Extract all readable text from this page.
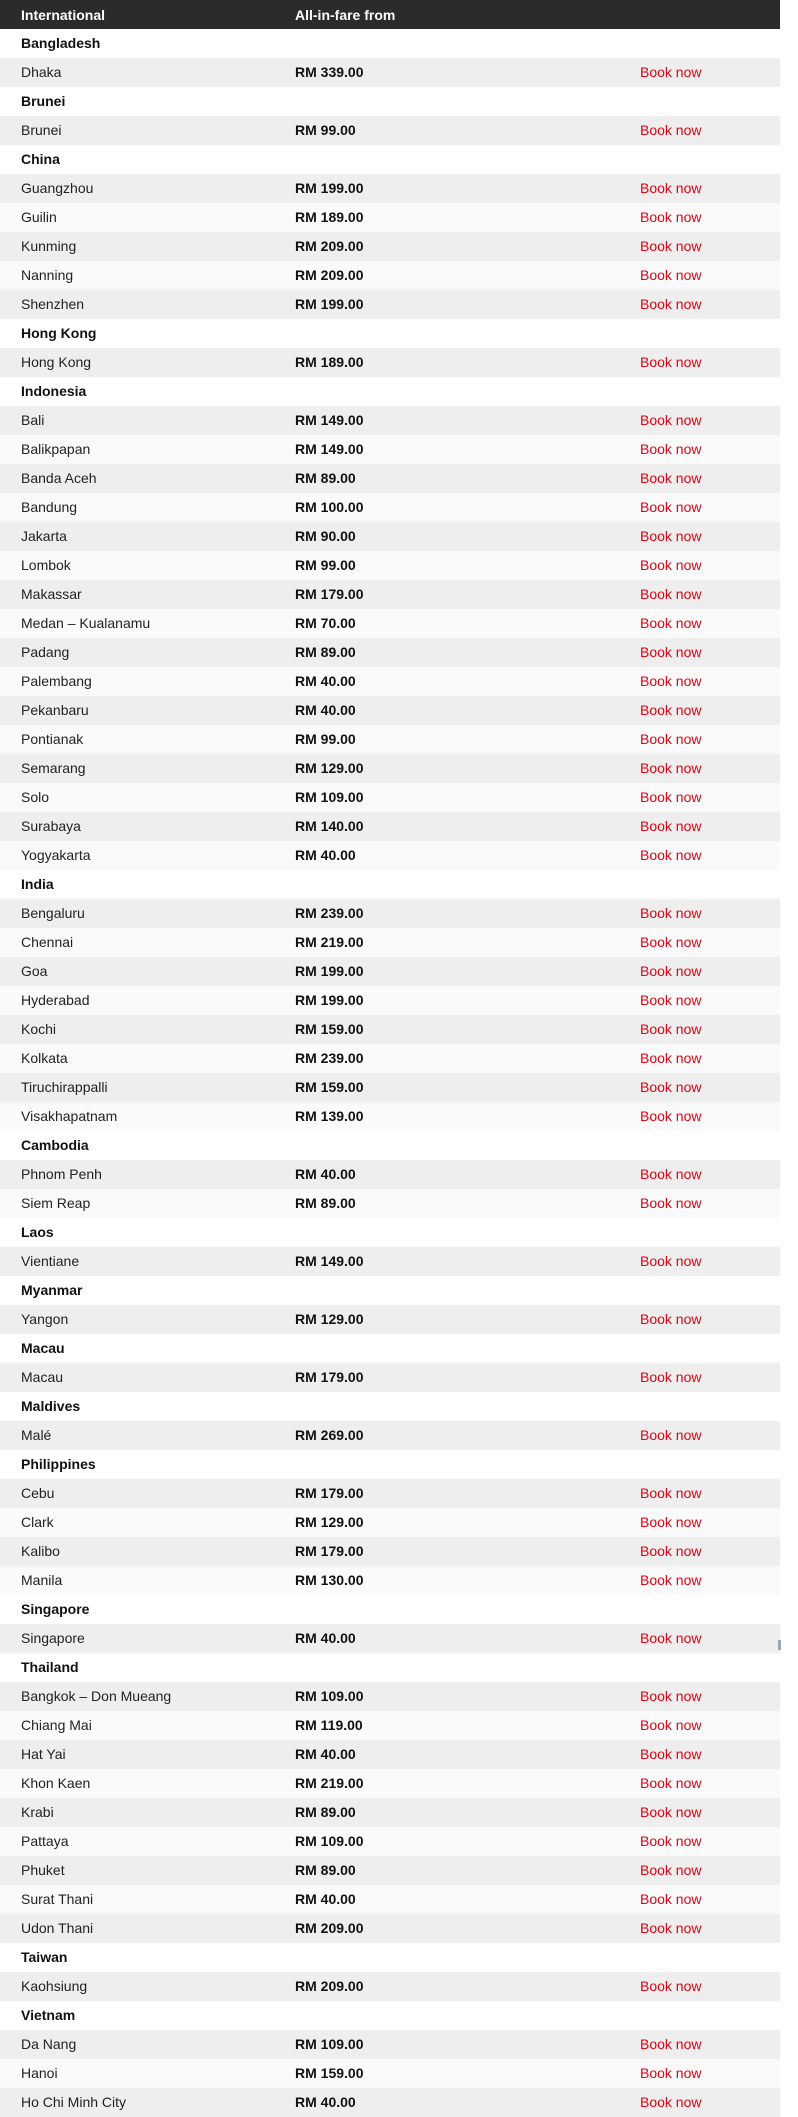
International	All-in-fare from
Bangladesh
Dhaka	RM 339.00	Book now
Brunei
Brunei	RM 99.00	Book now
China
Guangzhou	RM 199.00	Book now
Guilin	RM 189.00	Book now
Kunming	RM 209.00	Book now
Nanning	RM 209.00	Book now
Shenzhen	RM 199.00	Book now
Hong Kong
Hong Kong	RM 189.00	Book now
Indonesia
Bali	RM 149.00	Book now
Balikpapan	RM 149.00	Book now
Banda Aceh	RM 89.00	Book now
Bandung	RM 100.00	Book now
Jakarta	RM 90.00	Book now
Lombok	RM 99.00	Book now
Makassar	RM 179.00	Book now
Medan – Kualanamu	RM 70.00	Book now
Padang	RM 89.00	Book now
Palembang	RM 40.00	Book now
Pekanbaru	RM 40.00	Book now
Pontianak	RM 99.00	Book now
Semarang	RM 129.00	Book now
Solo	RM 109.00	Book now
Surabaya	RM 140.00	Book now
Yogyakarta	RM 40.00	Book now
India
Bengaluru	RM 239.00	Book now
Chennai	RM 219.00	Book now
Goa	RM 199.00	Book now
Hyderabad	RM 199.00	Book now
Kochi	RM 159.00	Book now
Kolkata	RM 239.00	Book now
Tiruchirappalli	RM 159.00	Book now
Visakhapatnam	RM 139.00	Book now
Cambodia
Phnom Penh	RM 40.00	Book now
Siem Reap	RM 89.00	Book now
Laos
Vientiane	RM 149.00	Book now
Myanmar
Yangon	RM 129.00	Book now
Macau
Macau	RM 179.00	Book now
Maldives
Malé	RM 269.00	Book now
Philippines
Cebu	RM 179.00	Book now
Clark	RM 129.00	Book now
Kalibo	RM 179.00	Book now
Manila	RM 130.00	Book now
Singapore
Singapore	RM 40.00	Book now
Thailand
Bangkok – Don Mueang	RM 109.00	Book now
Chiang Mai	RM 119.00	Book now
Hat Yai	RM 40.00	Book now
Khon Kaen	RM 219.00	Book now
Krabi	RM 89.00	Book now
Pattaya	RM 109.00	Book now
Phuket	RM 89.00	Book now
Surat Thani	RM 40.00	Book now
Udon Thani	RM 209.00	Book now
Taiwan
Kaohsiung	RM 209.00	Book now
Vietnam
Da Nang	RM 109.00	Book now
Hanoi	RM 159.00	Book now
Ho Chi Minh City	RM 40.00	Book now
